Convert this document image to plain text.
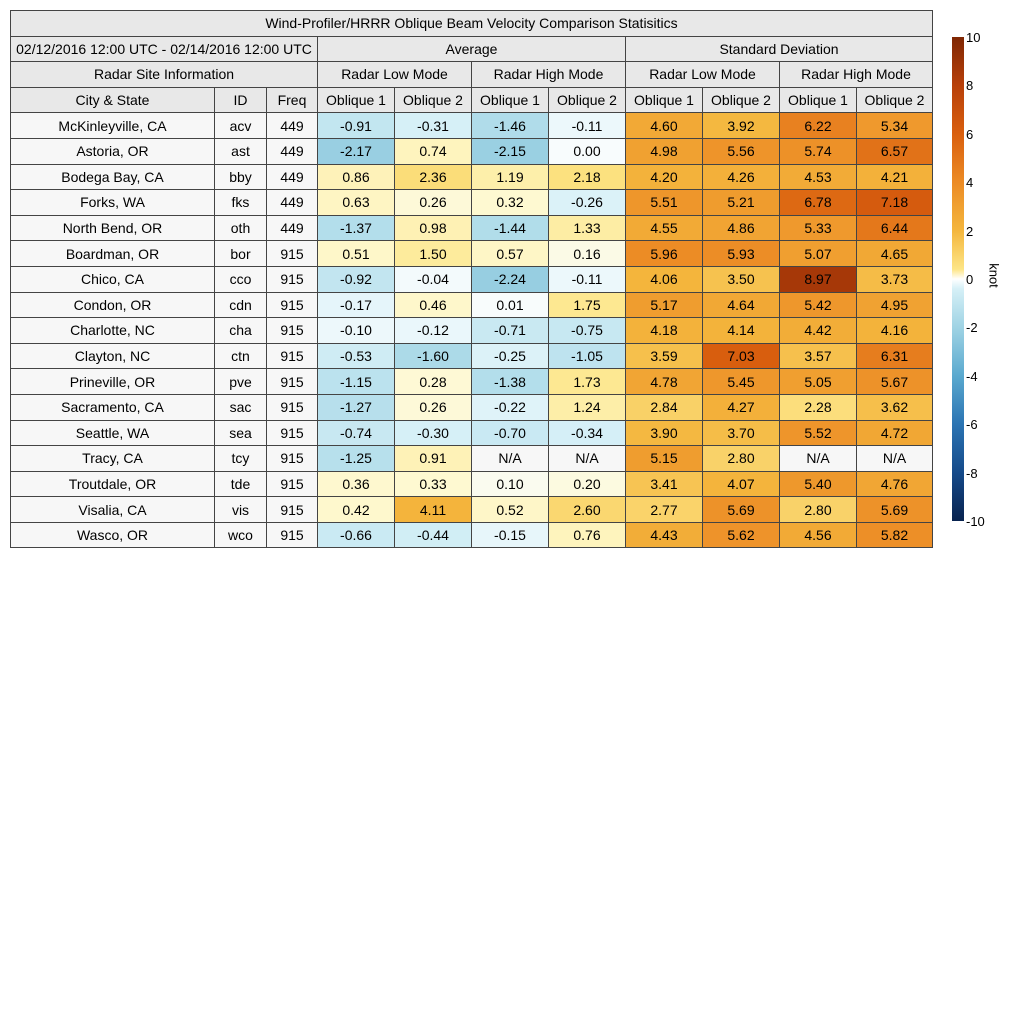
Wind-Profiler/HRRR Oblique Beam Velocity Comparison Statisitics										
02/12/2016 12:00 UTC - 02/14/2016 12:00 UTC			Average				Standard Deviation			
Radar Site Information			Radar Low Mode		Radar High Mode		Radar Low Mode		Radar High Mode	
City & State	ID	Freq	Oblique 1	Oblique 2	Oblique 1	Oblique 2	Oblique 1	Oblique 2	Oblique 1	Oblique 2
McKinleyville, CA	acv	449	-0.91	-0.31	-1.46	-0.11	4.60	3.92	6.22	5.34
Astoria, OR	ast	449	-2.17	0.74	-2.15	0.00	4.98	5.56	5.74	6.57
Bodega Bay, CA	bby	449	0.86	2.36	1.19	2.18	4.20	4.26	4.53	4.21
Forks, WA	fks	449	0.63	0.26	0.32	-0.26	5.51	5.21	6.78	7.18
North Bend, OR	oth	449	-1.37	0.98	-1.44	1.33	4.55	4.86	5.33	6.44
Boardman, OR	bor	915	0.51	1.50	0.57	0.16	5.96	5.93	5.07	4.65
Chico, CA	cco	915	-0.92	-0.04	-2.24	-0.11	4.06	3.50	8.97	3.73
Condon, OR	cdn	915	-0.17	0.46	0.01	1.75	5.17	4.64	5.42	4.95
Charlotte, NC	cha	915	-0.10	-0.12	-0.71	-0.75	4.18	4.14	4.42	4.16
Clayton, NC	ctn	915	-0.53	-1.60	-0.25	-1.05	3.59	7.03	3.57	6.31
Prineville, OR	pve	915	-1.15	0.28	-1.38	1.73	4.78	5.45	5.05	5.67
Sacramento, CA	sac	915	-1.27	0.26	-0.22	1.24	2.84	4.27	2.28	3.62
Seattle, WA	sea	915	-0.74	-0.30	-0.70	-0.34	3.90	3.70	5.52	4.72
Tracy, CA	tcy	915	-1.25	0.91	N/A	N/A	5.15	2.80	N/A	N/A
Troutdale, OR	tde	915	0.36	0.33	0.10	0.20	3.41	4.07	5.40	4.76
Visalia, CA	vis	915	0.42	4.11	0.52	2.60	2.77	5.69	2.80	5.69
Wasco, OR	wco	915	-0.66	-0.44	-0.15	0.76	4.43	5.62	4.56	5.82
10
8
6
4
2
0
-2
-4
-6
-8
-10
knot
